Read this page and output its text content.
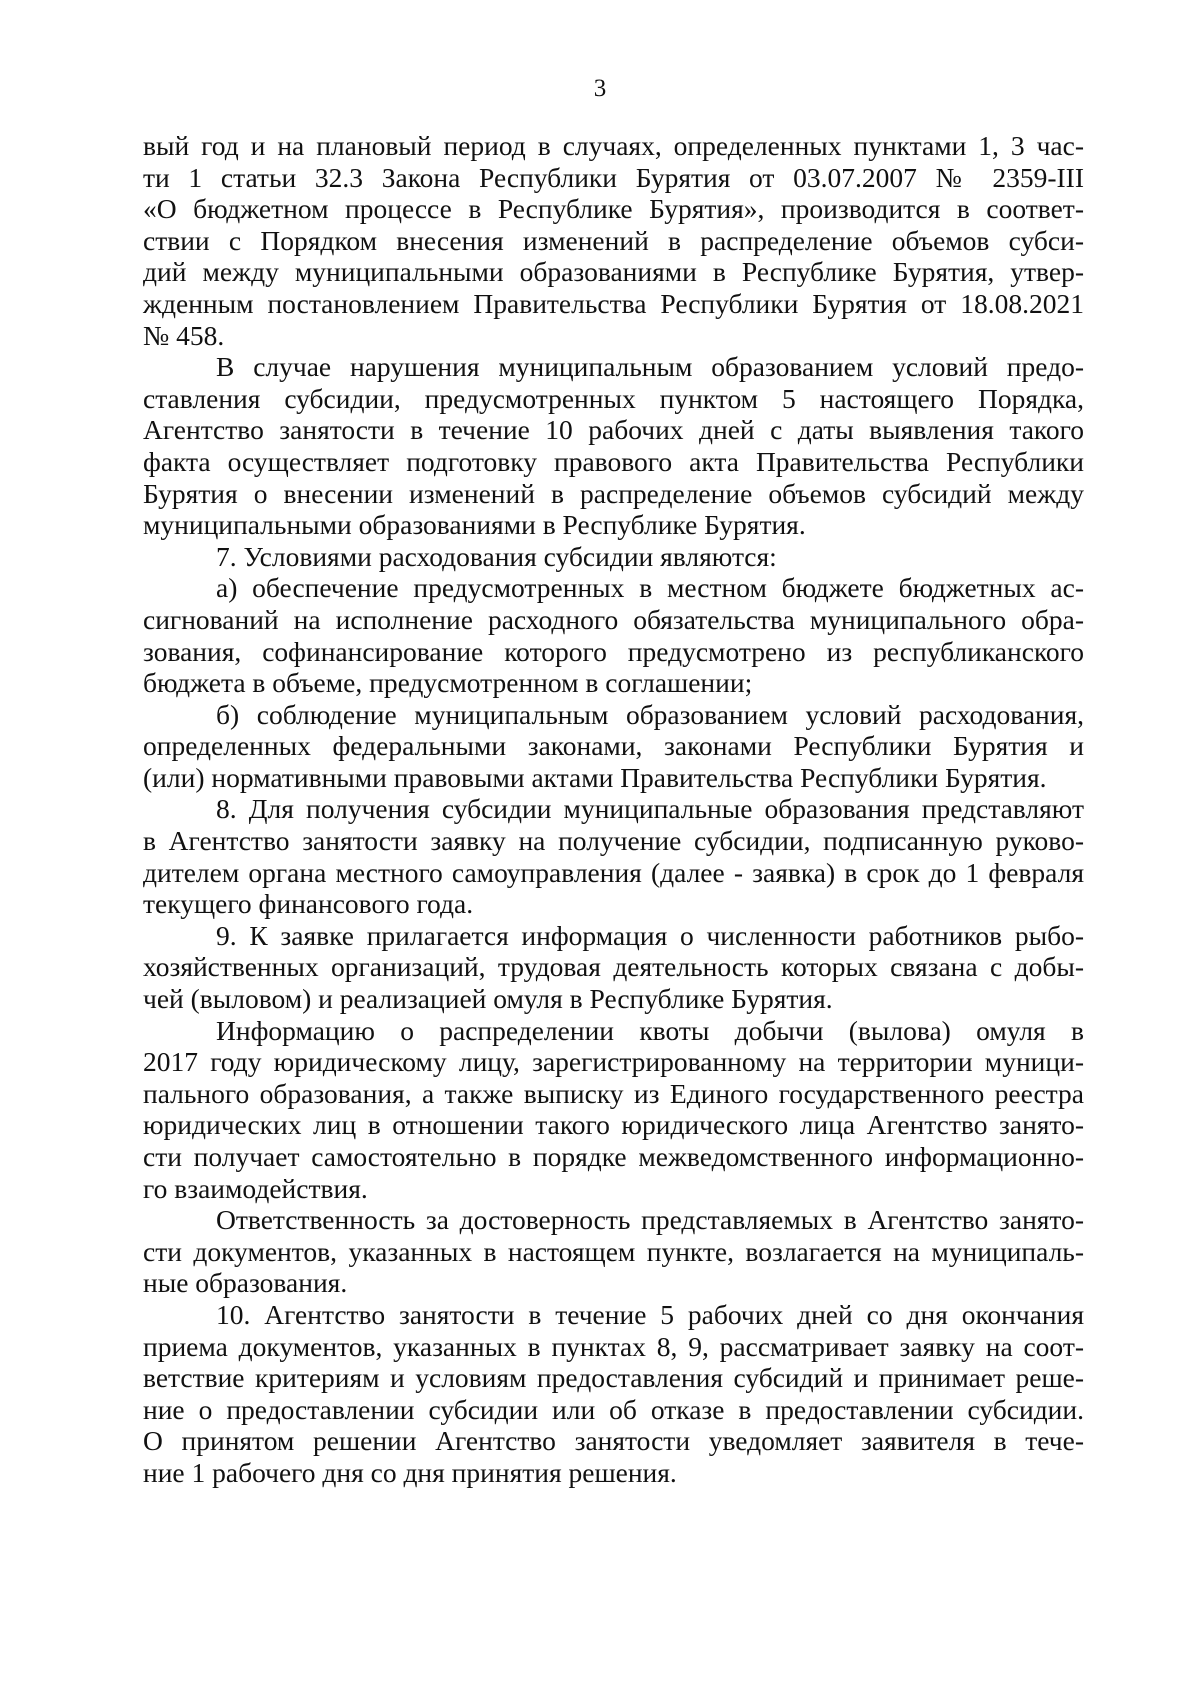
3
вый год и на плановый период в случаях, определенных пунктами 1, 3 час-
ти 1 статьи 32.3 Закона Республики Бурятия от 03.07.2007 № 2359-III
«О бюджетном процессе в Республике Бурятия», производится в соответ-
ствии с Порядком внесения изменений в распределение объемов субси-
дий между муниципальными образованиями в Республике Бурятия, утвер-
жденным постановлением Правительства Республики Бурятия от 18.08.2021
№ 458.
В случае нарушения муниципальным образованием условий предо-
ставления субсидии, предусмотренных пунктом 5 настоящего Порядка,
Агентство занятости в течение 10 рабочих дней с даты выявления такого
факта осуществляет подготовку правового акта Правительства Республики
Бурятия о внесении изменений в распределение объемов субсидий между
муниципальными образованиями в Республике Бурятия.
7. Условиями расходования субсидии являются:
а) обеспечение предусмотренных в местном бюджете бюджетных ас-
сигнований на исполнение расходного обязательства муниципального обра-
зования, софинансирование которого предусмотрено из республиканского
бюджета в объеме, предусмотренном в соглашении;
б) соблюдение муниципальным образованием условий расходования,
определенных федеральными законами, законами Республики Бурятия и
(или) нормативными правовыми актами Правительства Республики Бурятия.
8. Для получения субсидии муниципальные образования представляют
в Агентство занятости заявку на получение субсидии, подписанную руково-
дителем органа местного самоуправления (далее - заявка) в срок до 1 февраля
текущего финансового года.
9. К заявке прилагается информация о численности работников рыбо-
хозяйственных организаций, трудовая деятельность которых связана с добы-
чей (выловом) и реализацией омуля в Республике Бурятия.
Информацию о распределении квоты добычи (вылова) омуля в
2017 году юридическому лицу, зарегистрированному на территории муници-
пального образования, а также выписку из Единого государственного реестра
юридических лиц в отношении такого юридического лица Агентство занято-
сти получает самостоятельно в порядке межведомственного информационно-
го взаимодействия.
Ответственность за достоверность представляемых в Агентство занято-
сти документов, указанных в настоящем пункте, возлагается на муниципаль-
ные образования.
10. Агентство занятости в течение 5 рабочих дней со дня окончания
приема документов, указанных в пунктах 8, 9, рассматривает заявку на соот-
ветствие критериям и условиям предоставления субсидий и принимает реше-
ние о предоставлении субсидии или об отказе в предоставлении субсидии.
О принятом решении Агентство занятости уведомляет заявителя в тече-
ние 1 рабочего дня со дня принятия решения.
